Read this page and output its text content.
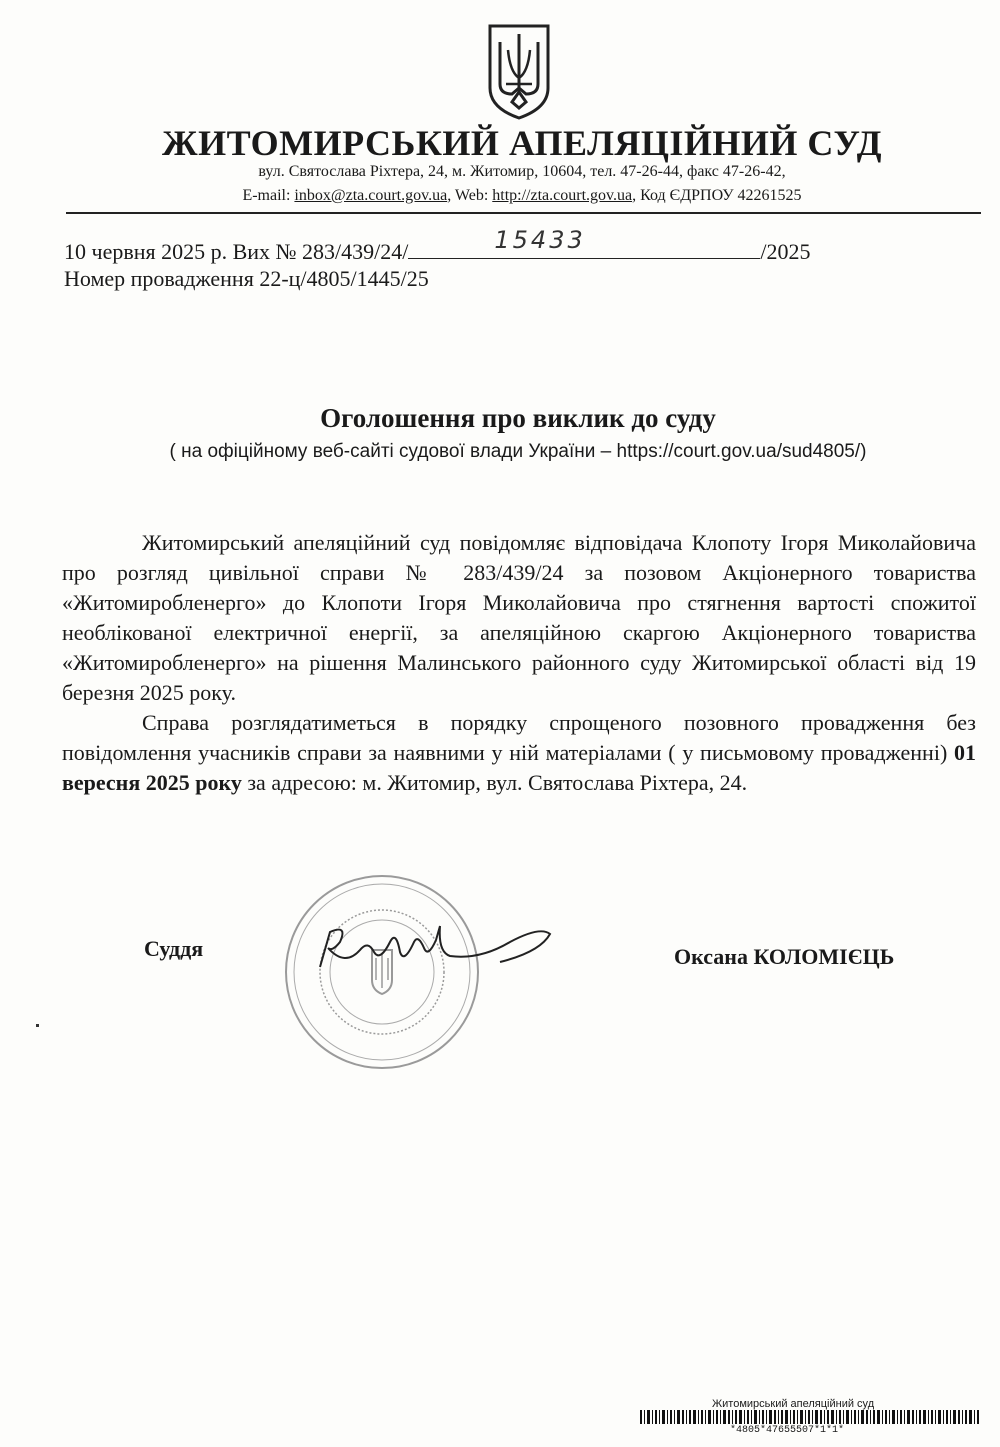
ЖИТОМИРСЬКИЙ АПЕЛЯЦІЙНИЙ СУД
вул. Святослава Ріхтера, 24, м. Житомир, 10604, тел. 47-26-44, факс 47-26-42,
E-mail: inbox@zta.court.gov.ua, Web: http://zta.court.gov.ua, Код ЄДРПОУ 42261525
10 червня 2025 р. Вих № 283/439/24/	15433	/2025
Номер провадження 22-ц/4805/1445/25
Оголошення про виклик до суду
( на офіційному веб-сайті судової влади України – https://court.gov.ua/sud4805/)

Житомирський апеляційний суд повідомляє відповідача Клопоту Ігоря Миколайовича про розгляд цивільної справи № 283/439/24 за позовом Акціонерного товариства «Житомиробленерго» до Клопоти Ігоря Миколайовича про стягнення вартості спожитої необлікованої електричної енергії, за апеляційною скаргою Акціонерного товариства «Житомиробленерго» на рішення Малинського районного суду Житомирської області від 19 березня 2025 року.

Справа розглядатиметься в порядку спрощеного позовного провадження без повідомлення учасників справи за наявними у ній матеріалами ( у письмовому провадженні) 01 вересня 2025 року за адресою: м. Житомир, вул. Святослава Ріхтера, 24.

Суддя	Оксана КОЛОМІЄЦЬ
Житомирський апеляційний суд
*4805*47655507*1*1*
